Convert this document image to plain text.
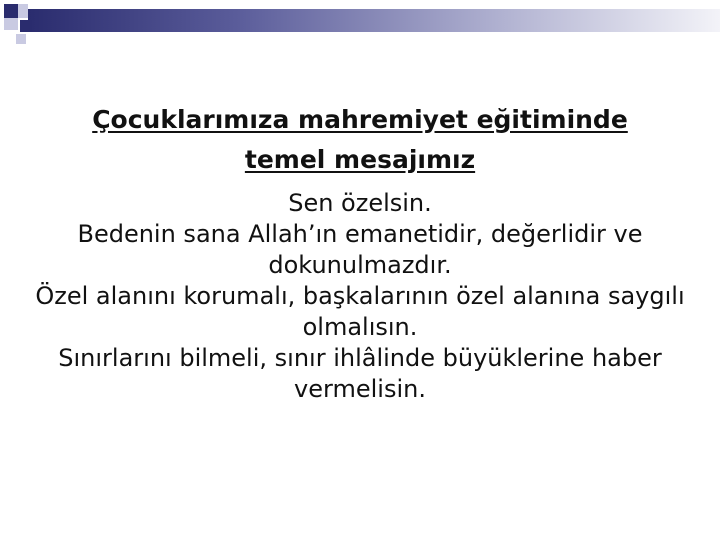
Çocuklarımıza mahremiyet eğitiminde

temel mesajımız

Sen özelsin.

Bedenin sana Allah’ın emanetidir, değerlidir ve dokunulmazdır.

Özel alanını korumalı, başkalarının özel alanına saygılı olmalısın.

Sınırlarını bilmeli, sınır ihlâlinde büyüklerine haber vermelisin.
